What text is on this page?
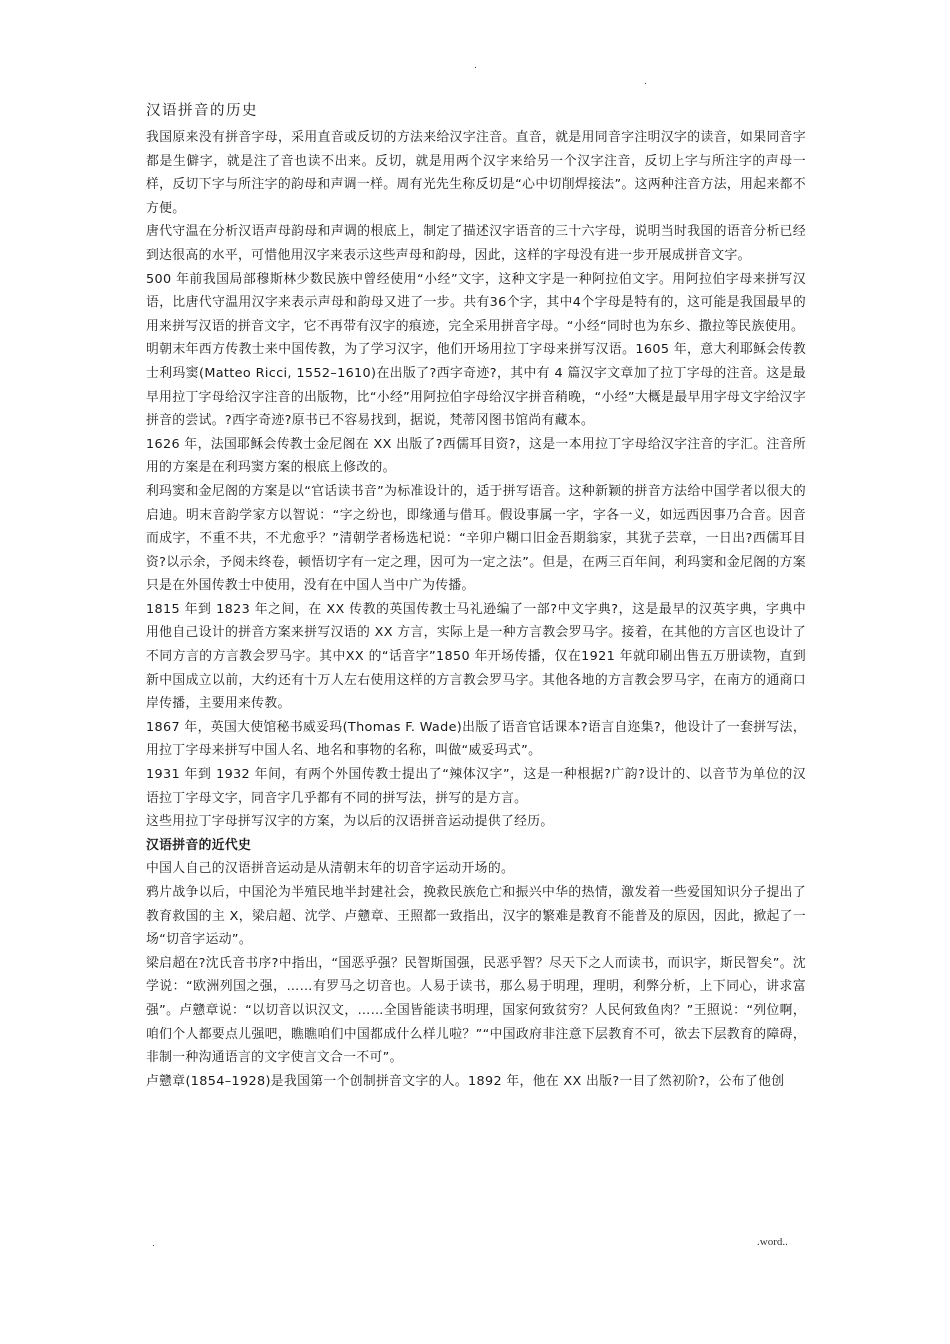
.
.
汉语拼音的历史

我国原来没有拼音字母，采用直音或反切的方法来给汉字注音。直音，就是用同音字注明汉字的读音，如果同音字都是生僻字，就是注了音也读不出来。反切，就是用两个汉字来给另一个汉字注音，反切上字与所注字的声母一样，反切下字与所注字的韵母和声调一样。周有光先生称反切是“心中切削焊接法”。这两种注音方法，用起来都不方便。

唐代守温在分析汉语声母韵母和声调的根底上，制定了描述汉字语音的三十六字母，说明当时我国的语音分析已经到达很高的水平，可惜他用汉字来表示这些声母和韵母，因此，这样的字母没有进一步开展成拼音文字。

500 年前我国局部穆斯林少数民族中曾经使用“小经”文字，这种文字是一种阿拉伯文字。用阿拉伯字母来拼写汉语，比唐代守温用汉字来表示声母和韵母又进了一步。共有36个字，其中4个字母是特有的，这可能是我国最早的用来拼写汉语的拼音文字，它不再带有汉字的痕迹，完全采用拼音字母。“小经“同时也为东乡、撒拉等民族使用。

明朝末年西方传教士来中国传教，为了学习汉字，他们开场用拉丁字母来拼写汉语。1605 年，意大利耶稣会传教士利玛窦(Matteo Ricci, 1552–1610)在出版了?西字奇迹?，其中有 4 篇汉字文章加了拉丁字母的注音。这是最早用拉丁字母给汉字注音的出版物，比“小经”用阿拉伯字母给汉字拼音稍晚，“小经”大概是最早用字母文字给汉字拼音的尝试。?西字奇迹?原书已不容易找到，据说，梵蒂冈图书馆尚有藏本。

1626 年，法国耶稣会传教士金尼阁在 XX 出版了?西儒耳目资?，这是一本用拉丁字母给汉字注音的字汇。注音所用的方案是在利玛窦方案的根底上修改的。

利玛窦和金尼阁的方案是以“官话读书音”为标准设计的，适于拼写语音。这种新颖的拼音方法给中国学者以很大的启迪。明末音韵学家方以智说：“字之纷也，即缘通与借耳。假设事属一字，字各一义，如远西因事乃合音。因音而成字，不重不共，不尤愈乎？”清朝学者杨选杞说：“辛卯户糊口旧金吾期翁家，其犹子芸章，一日出?西儒耳目资?以示余，予阅未终卷，顿悟切字有一定之理，因可为一定之法”。但是，在两三百年间，利玛窦和金尼阁的方案只是在外国传教士中使用，没有在中国人当中广为传播。

1815 年到 1823 年之间，在 XX 传教的英国传教士马礼逊编了一部?中文字典?，这是最早的汉英字典，字典中用他自己设计的拼音方案来拼写汉语的 XX 方言，实际上是一种方言教会罗马字。接着，在其他的方言区也设计了不同方言的方言教会罗马字。其中XX 的“话音字”1850 年开场传播，仅在1921 年就印刷出售五万册读物，直到新中国成立以前，大约还有十万人左右使用这样的方言教会罗马字。其他各地的方言教会罗马字，在南方的通商口岸传播，主要用来传教。

1867 年，英国大使馆秘书威妥玛(Thomas F. Wade)出版了语音官话课本?语言自迩集?，他设计了一套拼写法，用拉丁字母来拼写中国人名、地名和事物的名称，叫做“威妥玛式”。

1931 年到 1932 年间，有两个外国传教士提出了“辣体汉字”，这是一种根据?广韵?设计的、以音节为单位的汉语拉丁字母文字，同音字几乎都有不同的拼写法，拼写的是方言。

这些用拉丁字母拼写汉字的方案，为以后的汉语拼音运动提供了经历。

汉语拼音的近代史

中国人自己的汉语拼音运动是从清朝末年的切音字运动开场的。

鸦片战争以后，中国沦为半殖民地半封建社会，挽救民族危亡和振兴中华的热情，激发着一些爱国知识分子提出了教育救国的主 X，梁启超、沈学、卢戆章、王照都一致指出，汉字的繁难是教育不能普及的原因，因此，掀起了一场“切音字运动”。

梁启超在?沈氏音书序?中指出，“国恶乎强？民智斯国强，民恶乎智？尽天下之人而读书，而识字，斯民智矣”。沈学说：“欧洲列国之强，……有罗马之切音也。人易于读书，那么易于明理，理明，利弊分析，上下同心，讲求富强”。卢戆章说：“以切音以识汉文，……全国皆能读书明理，国家何致贫穷？人民何致鱼肉？”王照说：“列位啊，咱们个人都要点儿强吧，瞧瞧咱们中国都成什么样儿啦？”“中国政府非注意下层教育不可，欲去下层教育的障碍，非制一种沟通语言的文字使言文合一不可”。

卢戆章(1854–1928)是我国第一个创制拼音文字的人。1892 年，他在 XX 出版?一目了然初阶?，公布了他创

.	.word..
